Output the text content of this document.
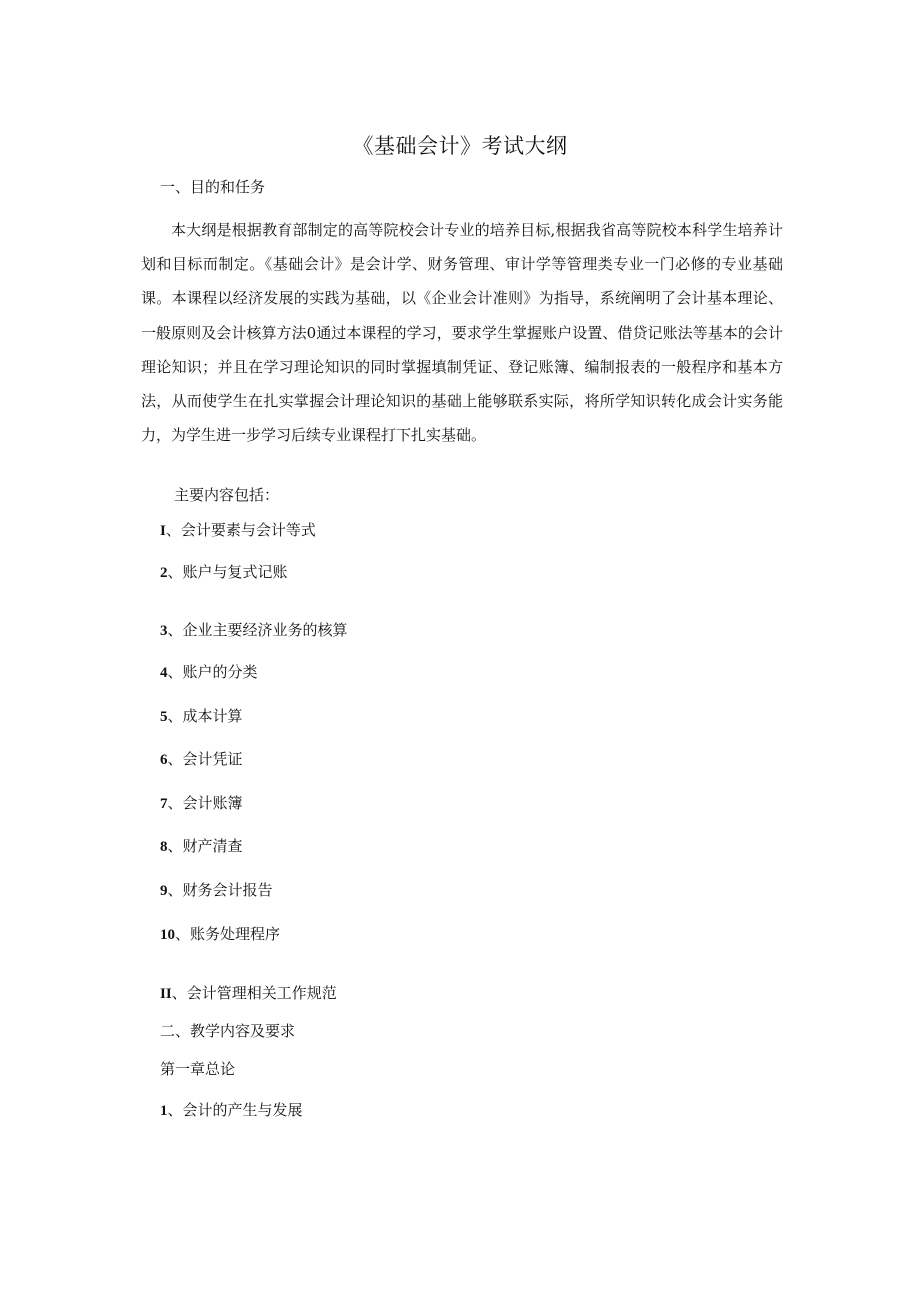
《基础会计》考试大纲
一、目的和任务
本大纲是根据教育部制定的高等院校会计专业的培养目标,根据我省高等院校本科学生培养计划和目标而制定。《基础会计》是会计学、财务管理、审计学等管理类专业一门必修的专业基础课。本课程以经济发展的实践为基础，以《企业会计准则》为指导，系统阐明了会计基本理论、一般原则及会计核算方法0通过本课程的学习，要求学生掌握账户设置、借贷记账法等基本的会计理论知识；并且在学习理论知识的同时掌握填制凭证、登记账簿、编制报表的一般程序和基本方法，从而使学生在扎实掌握会计理论知识的基础上能够联系实际，将所学知识转化成会计实务能力，为学生进一步学习后续专业课程打下扎实基础。
主要内容包括：
I、会计要素与会计等式
2、账户与复式记账
3、企业主要经济业务的核算
4、账户的分类
5、成本计算
6、会计凭证
7、会计账簿
8、财产清查
9、财务会计报告
10、账务处理程序
II、会计管理相关工作规范
二、教学内容及要求
第一章总论
1、会计的产生与发展
